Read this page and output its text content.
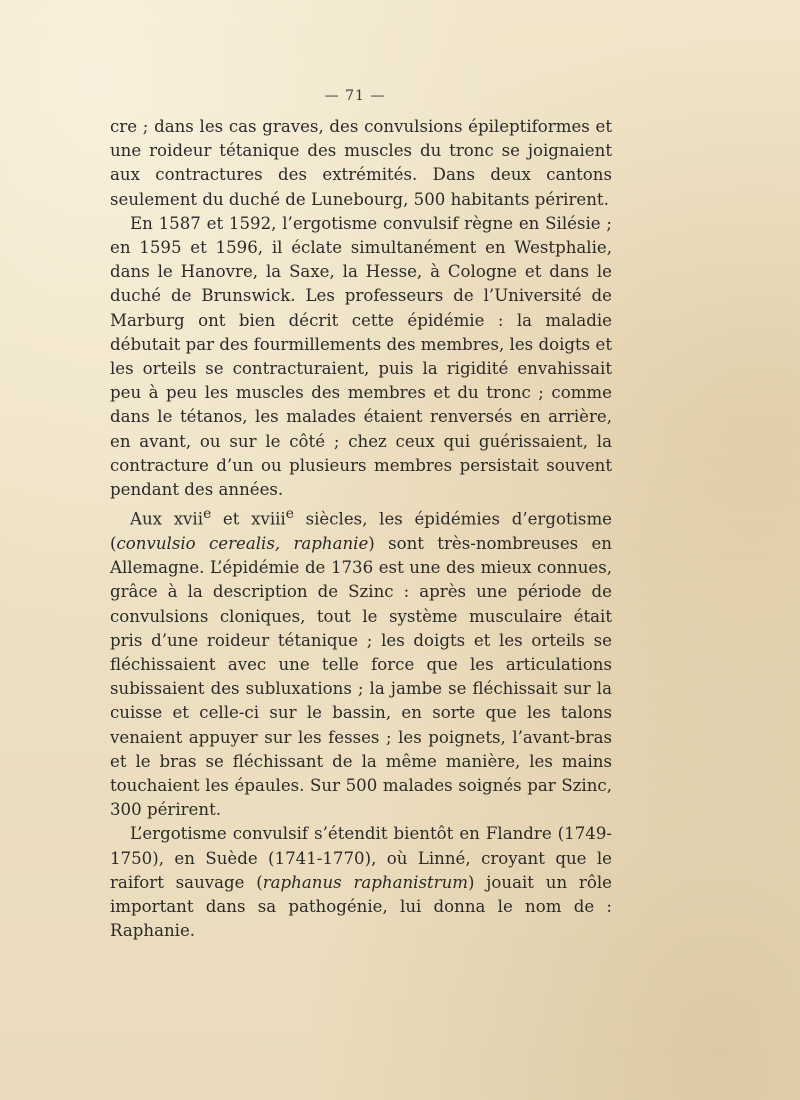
— 71 —

cre ; dans les cas graves, des convulsions épileptiformes et une roideur tétanique des muscles du tronc se joignaient aux contractures des extrémités. Dans deux cantons seulement du duché de Lunebourg, 500 habitants périrent.

En 1587 et 1592, l’ergotisme convulsif règne en Silésie ; en 1595 et 1596, il éclate simultanément en Westphalie, dans le Hanovre, la Saxe, la Hesse, à Cologne et dans le duché de Brunswick. Les professeurs de l’Université de Marburg ont bien décrit cette épidémie : la maladie débutait par des fourmillements des membres, les doigts et les orteils se contracturaient, puis la rigidité envahissait peu à peu les muscles des membres et du tronc ; comme dans le tétanos, les malades étaient renversés en arrière, en avant, ou sur le côté ; chez ceux qui guérissaient, la contracture d’un ou plusieurs membres persistait souvent pendant des années.

Aux xvii$^e$ et xviii$^e$ siècles, les épidémies d’ergotisme (convulsio cerealis, raphanie) sont très-nombreuses en Allemagne. L’épidémie de 1736 est une des mieux connues, grâce à la description de Szinc : après une période de convulsions cloniques, tout le système musculaire était pris d’une roideur tétanique ; les doigts et les orteils se fléchissaient avec une telle force que les articulations subissaient des subluxations ; la jambe se fléchissait sur la cuisse et celle-ci sur le bassin, en sorte que les talons venaient appuyer sur les fesses ; les poignets, l’avant-bras et le bras se fléchissant de la même manière, les mains touchaient les épaules. Sur 500 malades soignés par Szinc, 300 périrent.

L’ergotisme convulsif s’étendit bientôt en Flandre (1749-1750), en Suède (1741-1770), où Linné, croyant que le raifort sauvage (raphanus raphanistrum) jouait un rôle important dans sa pathogénie, lui donna le nom de : Raphanie.
